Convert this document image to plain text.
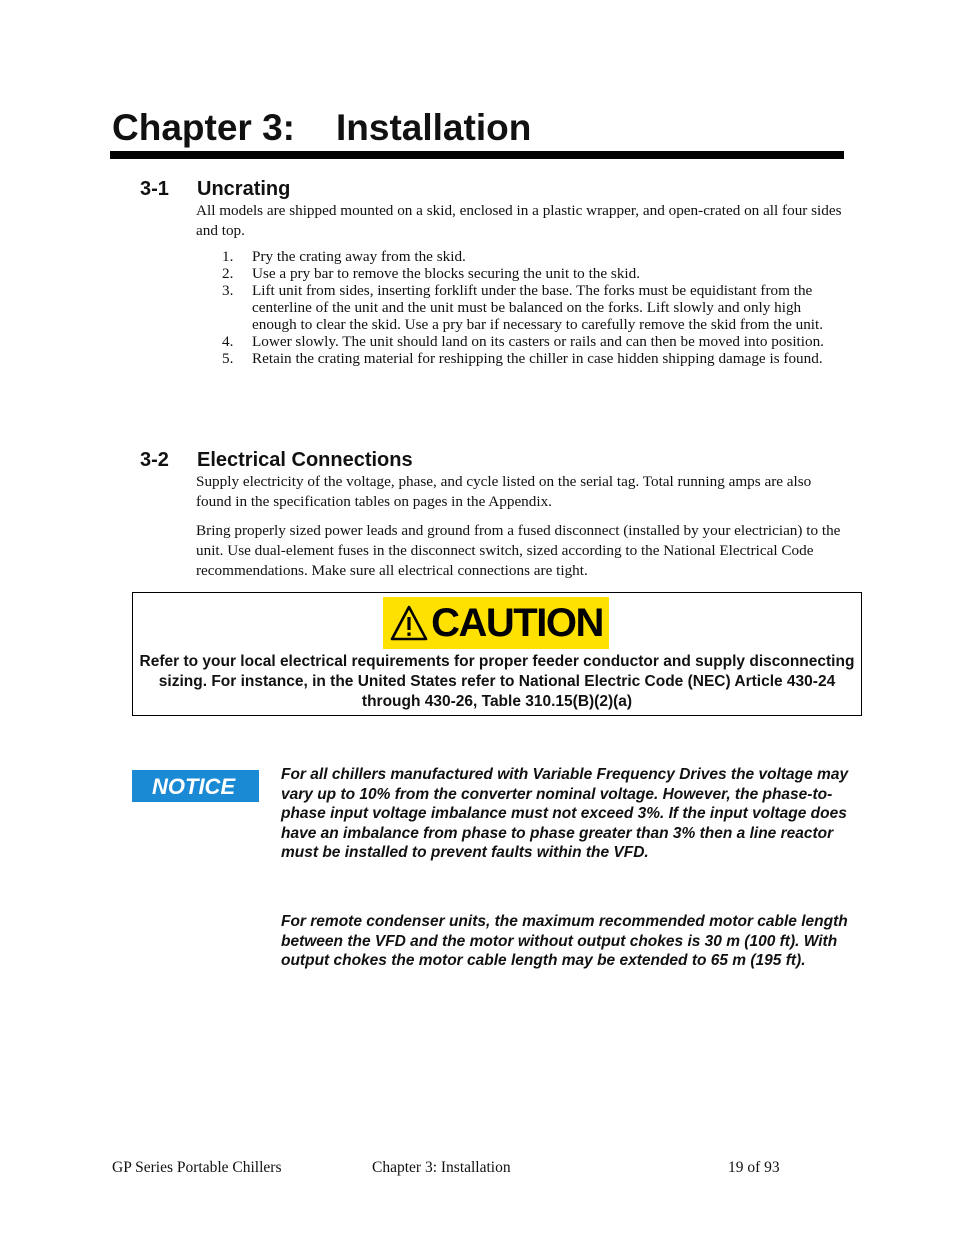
Chapter 3: Installation
3-1 Uncrating

All models are shipped mounted on a skid, enclosed in a plastic wrapper, and open-crated on all four sides and top.

1. Pry the crating away from the skid.
2. Use a pry bar to remove the blocks securing the unit to the skid.
3. Lift unit from sides, inserting forklift under the base. The forks must be equidistant from the centerline of the unit and the unit must be balanced on the forks. Lift slowly and only high enough to clear the skid. Use a pry bar if necessary to carefully remove the skid from the unit.
4. Lower slowly. The unit should land on its casters or rails and can then be moved into position.
5. Retain the crating material for reshipping the chiller in case hidden shipping damage is found.
3-2 Electrical Connections

Supply electricity of the voltage, phase, and cycle listed on the serial tag. Total running amps are also found in the specification tables on pages in the Appendix.

Bring properly sized power leads and ground from a fused disconnect (installed by your electrician) to the unit. Use dual-element fuses in the disconnect switch, sized according to the National Electrical Code recommendations. Make sure all electrical connections are tight.

CAUTION

Refer to your local electrical requirements for proper feeder conductor and supply disconnecting sizing. For instance, in the United States refer to National Electric Code (NEC) Article 430-24 through 430-26, Table 310.15(B)(2)(a)

NOTICE	For all chillers manufactured with Variable Frequency Drives the voltage may vary up to 10% from the converter nominal voltage. However, the phase-to-phase input voltage imbalance must not exceed 3%. If the input voltage does have an imbalance from phase to phase greater than 3% then a line reactor must be installed to prevent faults within the VFD.

For remote condenser units, the maximum recommended motor cable length between the VFD and the motor without output chokes is 30 m (100 ft). With output chokes the motor cable length may be extended to 65 m (195 ft).

GP Series Portable Chillers	Chapter 3: Installation	19 of 93
